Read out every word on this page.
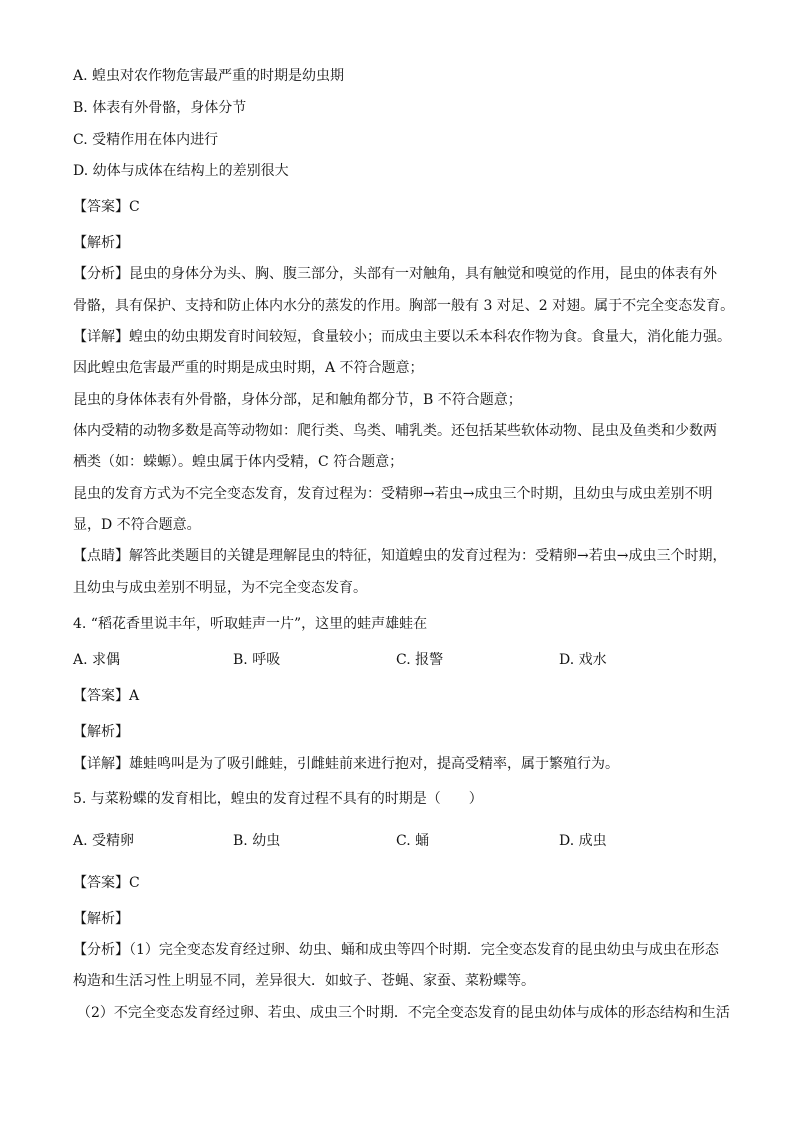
A. 蝗虫对农作物危害最严重的时期是幼虫期
B. 体表有外骨骼，身体分节
C. 受精作用在体内进行
D. 幼体与成体在结构上的差别很大
【答案】C
【解析】
【分析】昆虫的身体分为头、胸、腹三部分，头部有一对触角，具有触觉和嗅觉的作用，昆虫的体表有外
骨骼，具有保护、支持和防止体内水分的蒸发的作用。胸部一般有 3 对足、2 对翅。属于不完全变态发育。
【详解】蝗虫的幼虫期发育时间较短，食量较小；而成虫主要以禾本科农作物为食。食量大，消化能力强。
因此蝗虫危害最严重的时期是成虫时期，A 不符合题意；
昆虫的身体体表有外骨骼，身体分部，足和触角都分节，B 不符合题意；
体内受精的动物多数是高等动物如：爬行类、鸟类、哺乳类。还包括某些软体动物、昆虫及鱼类和少数两
栖类（如：蝾螈）。蝗虫属于体内受精，C 符合题意；
昆虫的发育方式为不完全变态发育，发育过程为：受精卵→若虫→成虫三个时期，且幼虫与成虫差别不明
显，D 不符合题意。
【点睛】解答此类题目的关键是理解昆虫的特征，知道蝗虫的发育过程为：受精卵→若虫→成虫三个时期，
且幼虫与成虫差别不明显，为不完全变态发育。
4. “稻花香里说丰年，听取蛙声一片”，这里的蛙声雄蛙在
A. 求偶	B. 呼吸	C. 报警	D. 戏水
【答案】A
【解析】
【详解】雄蛙鸣叫是为了吸引雌蛙，引雌蛙前来进行抱对，提高受精率，属于繁殖行为。
5. 与菜粉蝶的发育相比，蝗虫的发育过程不具有的时期是（　　）
A. 受精卵	B. 幼虫	C. 蛹	D. 成虫
【答案】C
【解析】
【分析】（1）完全变态发育经过卵、幼虫、蛹和成虫等四个时期．完全变态发育的昆虫幼虫与成虫在形态
构造和生活习性上明显不同，差异很大．如蚊子、苍蝇、家蚕、菜粉蝶等。
（2）不完全变态发育经过卵、若虫、成虫三个时期．不完全变态发育的昆虫幼体与成体的形态结构和生活
